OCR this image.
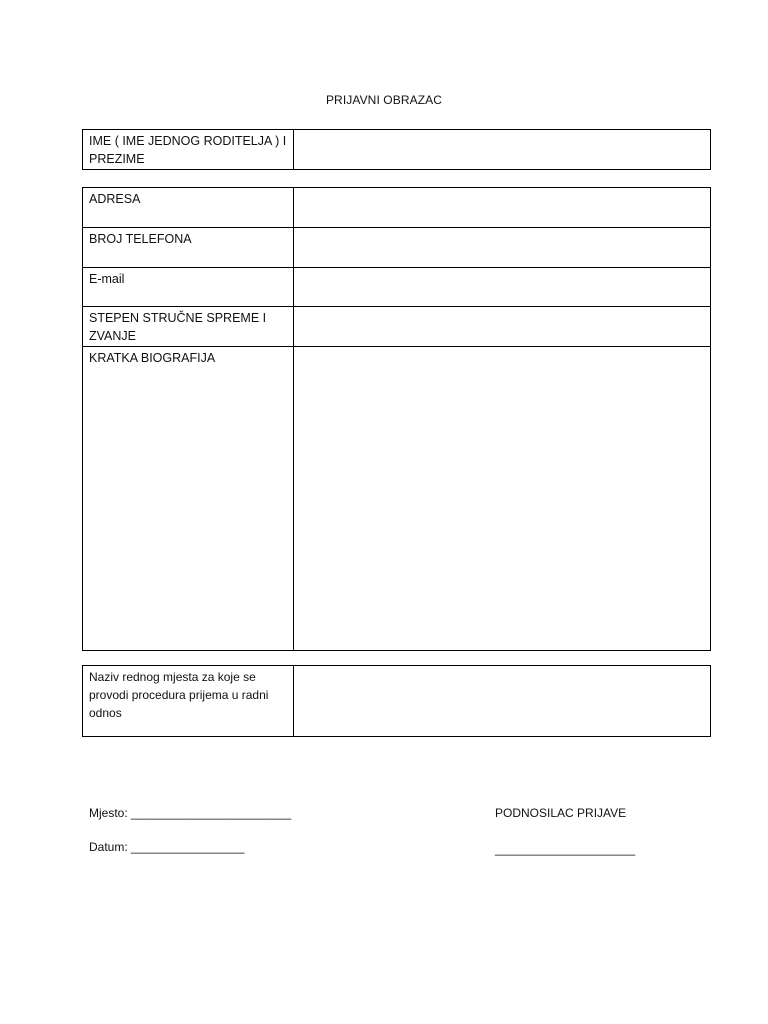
PRIJAVNI OBRAZAC
IME ( IME JEDNOG RODITELJA ) I PREZIME	
ADRESA	
BROJ TELEFONA	
E-mail	
STEPEN STRUČNE SPREME I ZVANJE	
KRATKA BIOGRAFIJA	
Naziv rednog mjesta za koje se provodi procedura prijema u radni odnos	
Mjesto: ________________________
Datum: _________________
PODNOSILAC PRIJAVE
_____________________
